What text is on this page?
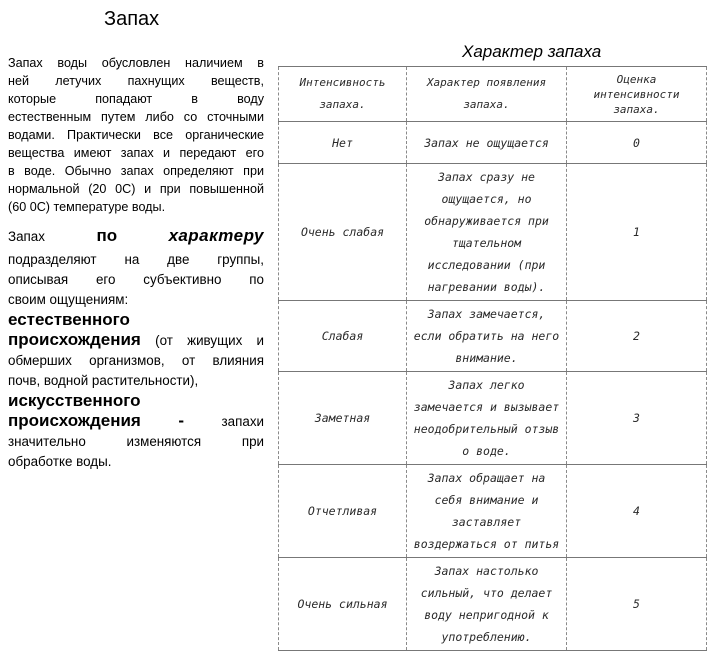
Запах
Запах воды обусловлен наличием в
ней летучих пахнущих веществ,
которые попадают в воду
естественным путем либо со сточными
водами. Практически все органические
вещества имеют запах и передают его
в воде. Обычно запах определяют при
нормальной (20 0С) и при повышенной
(60 0С) температуре воды.
Запах	по	характеру
подразделяют на две группы,
описывая его субъективно по
своим ощущениям:
естественного
происхождения (от живущих и
обмерших организмов, от влияния
почв, водной растительности),
искусственного
происхождения - запахи
значительно изменяются при
обработке воды.
Характер запаха
Интенсивность запаха.	Характер появления запаха.	Оценка интенсивности запаха.
Нет	Запах не ощущается	0
Очень слабая	Запах сразу не ощущается, но обнаруживается при тщательном исследовании (при нагревании воды).	1
Слабая	Запах замечается, если обратить на него внимание.	2
Заметная	Запах легко замечается и вызывает неодобрительный отзыв о воде.	3
Отчетливая	Запах обращает на себя внимание и заставляет воздержаться от питья	4
Очень сильная	Запах настолько сильный, что делает воду непригодной к употреблению.	5
